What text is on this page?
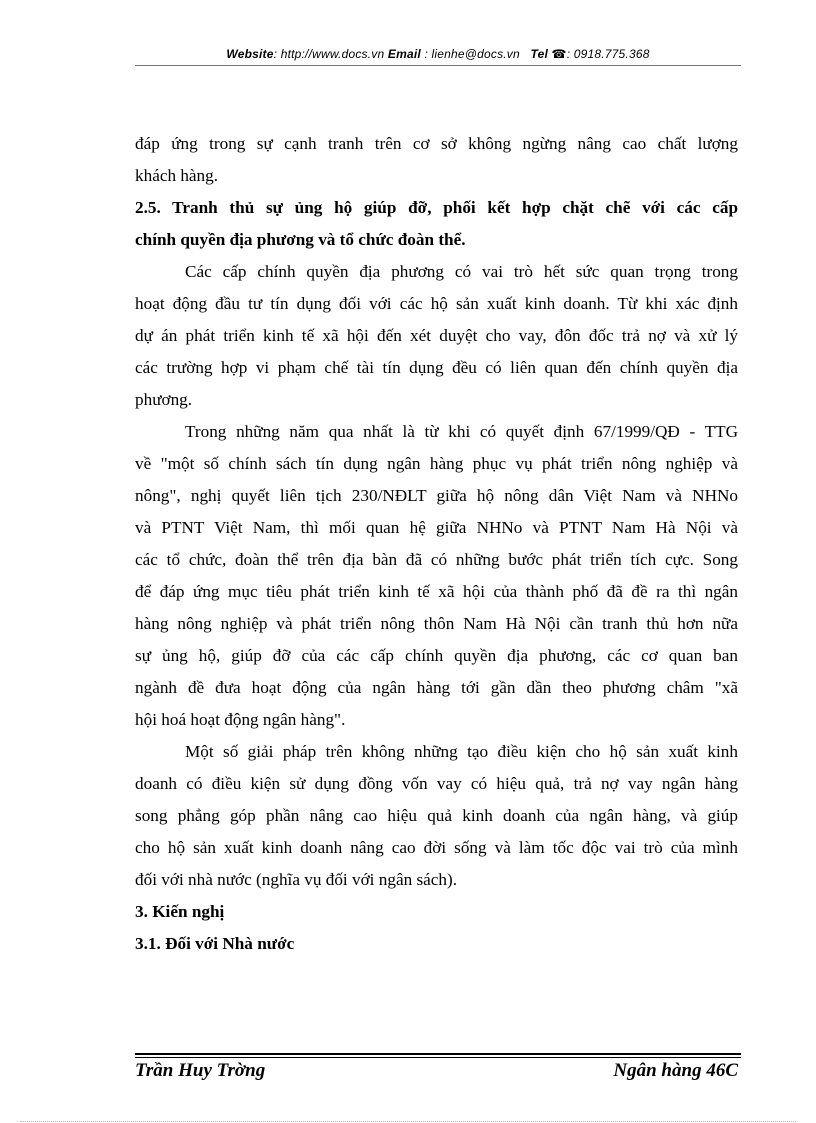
Website: http://www.docs.vn Email : lienhe@docs.vn Tel ☎: 0918.775.368
đáp ứng trong sự cạnh tranh trên cơ sở không ngừng nâng cao chất lượng
khách hàng.
2.5. Tranh thủ sự ủng hộ giúp đỡ, phối kết hợp chặt chẽ với các cấp
chính quyền địa phương và tổ chức đoàn thể.
Các cấp chính quyền địa phương có vai trò hết sức quan trọng trong
hoạt động đầu tư tín dụng đối với các hộ sản xuất kinh doanh. Từ khi xác định
dự án phát triển kinh tế xã hội đến xét duyệt cho vay, đôn đốc trả nợ và xử lý
các trường hợp vi phạm chế tài tín dụng đều có liên quan đến chính quyền địa
phương.
Trong những năm qua nhất là từ khi có quyết định 67/1999/QĐ - TTG
về "một số chính sách tín dụng ngân hàng phục vụ phát triển nông nghiệp và
nông", nghị quyết liên tịch 230/NĐLT giữa hộ nông dân Việt Nam và NHNo
và PTNT Việt Nam, thì mối quan hệ giữa NHNo và PTNT Nam Hà Nội và
các tổ chức, đoàn thể trên địa bàn đã có những bước phát triển tích cực. Song
để đáp ứng mục tiêu phát triển kinh tế xã hội của thành phố đã đề ra thì ngân
hàng nông nghiệp và phát triển nông thôn Nam Hà Nội cần tranh thủ hơn nữa
sự ủng hộ, giúp đỡ của các cấp chính quyền địa phương, các cơ quan ban
ngành đề đưa hoạt động của ngân hàng tới gần dần theo phương châm "xã
hội hoá hoạt động ngân hàng".
Một số giải pháp trên không những tạo điều kiện cho hộ sản xuất kinh
doanh có điều kiện sử dụng đồng vốn vay có hiệu quả, trả nợ vay ngân hàng
song phẳng góp phần nâng cao hiệu quả kinh doanh của ngân hàng, và giúp
cho hộ sản xuất kinh doanh nâng cao đời sống và làm tốc độc vai trò của mình
đối với nhà nước (nghĩa vụ đối với ngân sách).
3. Kiến nghị
3.1. Đối với Nhà nước
Trần Huy Trờng	Ngân hàng 46C
